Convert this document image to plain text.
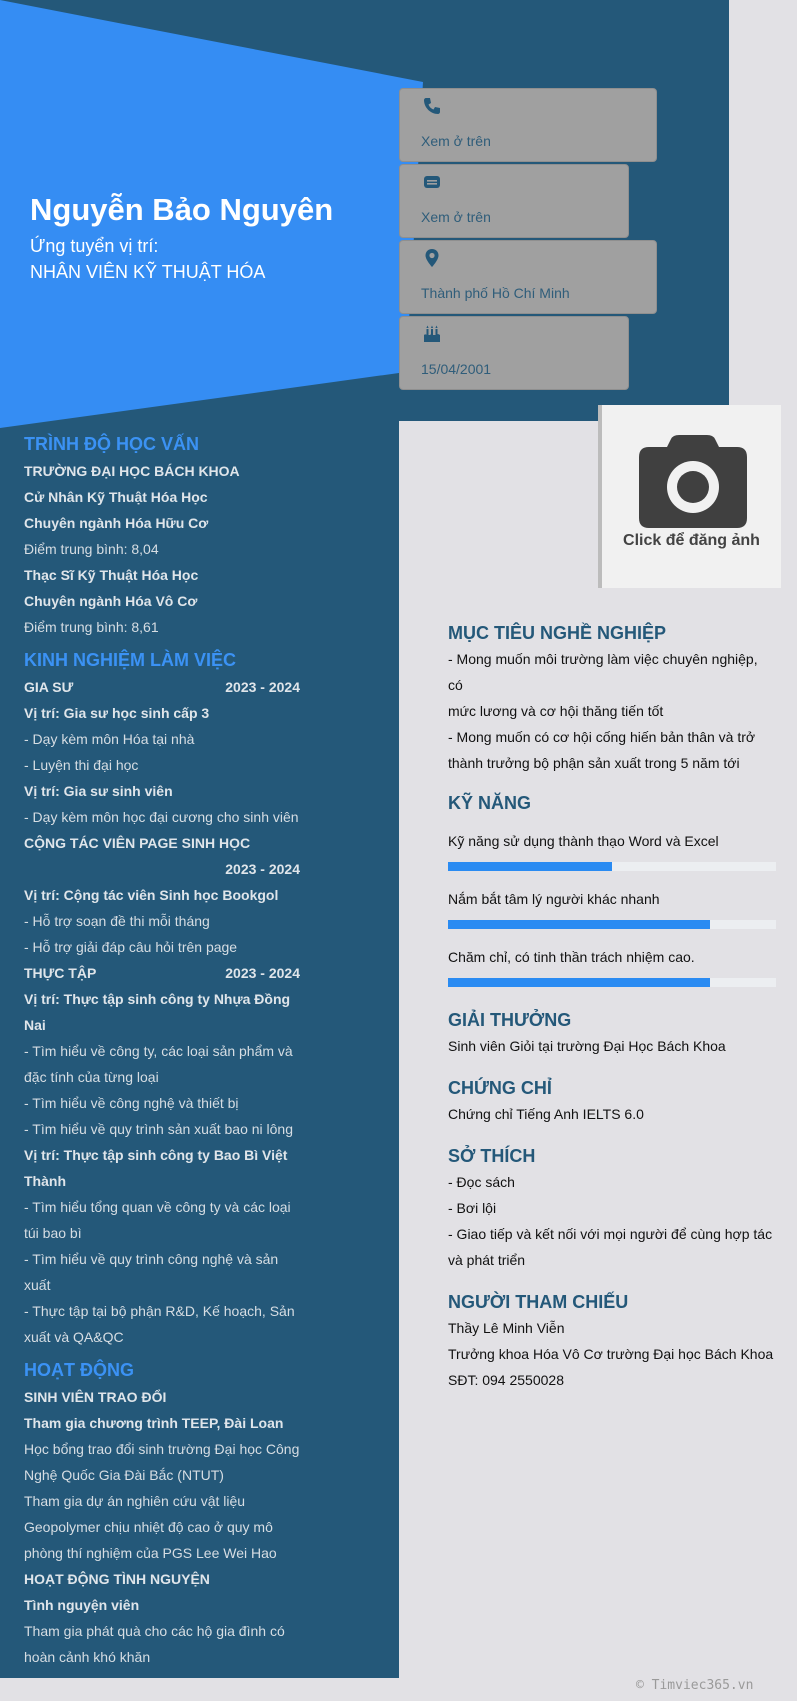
Nguyễn Bảo Nguyên
Ứng tuyển vị trí:
NHÂN VIÊN KỸ THUẬT HÓA
Xem ở trên
Xem ở trên
Thành phố Hồ Chí Minh
15/04/2001
Click để đăng ảnh
TRÌNH ĐỘ HỌC VẤN
TRƯỜNG ĐẠI HỌC BÁCH KHOA
Cử Nhân Kỹ Thuật Hóa Học
Chuyên ngành Hóa Hữu Cơ
Điểm trung bình: 8,04
Thạc Sĩ Kỹ Thuật Hóa Học
Chuyên ngành Hóa Vô Cơ
Điểm trung bình: 8,61
KINH NGHIỆM LÀM VIỆC
GIA SƯ	2023 - 2024
Vị trí: Gia sư học sinh cấp 3
- Dạy kèm môn Hóa tại nhà
- Luyện thi đại học
Vị trí: Gia sư sinh viên
- Dạy kèm môn học đại cương cho sinh viên
CỘNG TÁC VIÊN PAGE SINH HỌC
2023 - 2024
Vị trí: Cộng tác viên Sinh học Bookgol
- Hỗ trợ soạn đề thi mỗi tháng
- Hỗ trợ giải đáp câu hỏi trên page
THỰC TẬP	2023 - 2024
Vị trí: Thực tập sinh công ty Nhựa Đồng Nai
- Tìm hiểu về công ty, các loại sản phẩm và
đặc tính của từng loại
- Tìm hiểu về công nghệ và thiết bị
- Tìm hiểu về quy trình sản xuất bao ni lông
Vị trí: Thực tập sinh công ty Bao Bì Việt
Thành
- Tìm hiểu tổng quan về công ty và các loại
túi bao bì
- Tìm hiểu về quy trình công nghệ và sản
xuất
- Thực tập tại bộ phận R&D, Kế hoạch, Sản
xuất và QA&QC
HOẠT ĐỘNG
SINH VIÊN TRAO ĐỔI
Tham gia chương trình TEEP, Đài Loan
Học bổng trao đổi sinh trường Đại học Công
Nghệ Quốc Gia Đài Bắc (NTUT)
Tham gia dự án nghiên cứu vật liệu
Geopolymer chịu nhiệt độ cao ở quy mô
phòng thí nghiệm của PGS Lee Wei Hao
HOẠT ĐỘNG TÌNH NGUYỆN
Tình nguyện viên
Tham gia phát quà cho các hộ gia đình có
hoàn cảnh khó khăn
MỤC TIÊU NGHỀ NGHIỆP
- Mong muốn môi trường làm việc chuyên nghiệp, có
mức lương và cơ hội thăng tiến tốt
- Mong muốn có cơ hội cống hiến bản thân và trở
thành trưởng bộ phận sản xuất trong 5 năm tới
KỸ NĂNG
Kỹ năng sử dụng thành thạo Word và Excel
Nắm bắt tâm lý người khác nhanh
Chăm chỉ, có tinh thần trách nhiệm cao.
GIẢI THƯỞNG
Sinh viên Giỏi tại trường Đại Học Bách Khoa
CHỨNG CHỈ
Chứng chỉ Tiếng Anh IELTS 6.0
SỞ THÍCH
- Đọc sách
- Bơi lội
- Giao tiếp và kết nối với mọi người để cùng hợp tác
và phát triển
NGƯỜI THAM CHIẾU
Thầy Lê Minh Viễn
Trưởng khoa Hóa Vô Cơ trường Đại học Bách Khoa
SĐT: 094 2550028
© Timviec365.vn
